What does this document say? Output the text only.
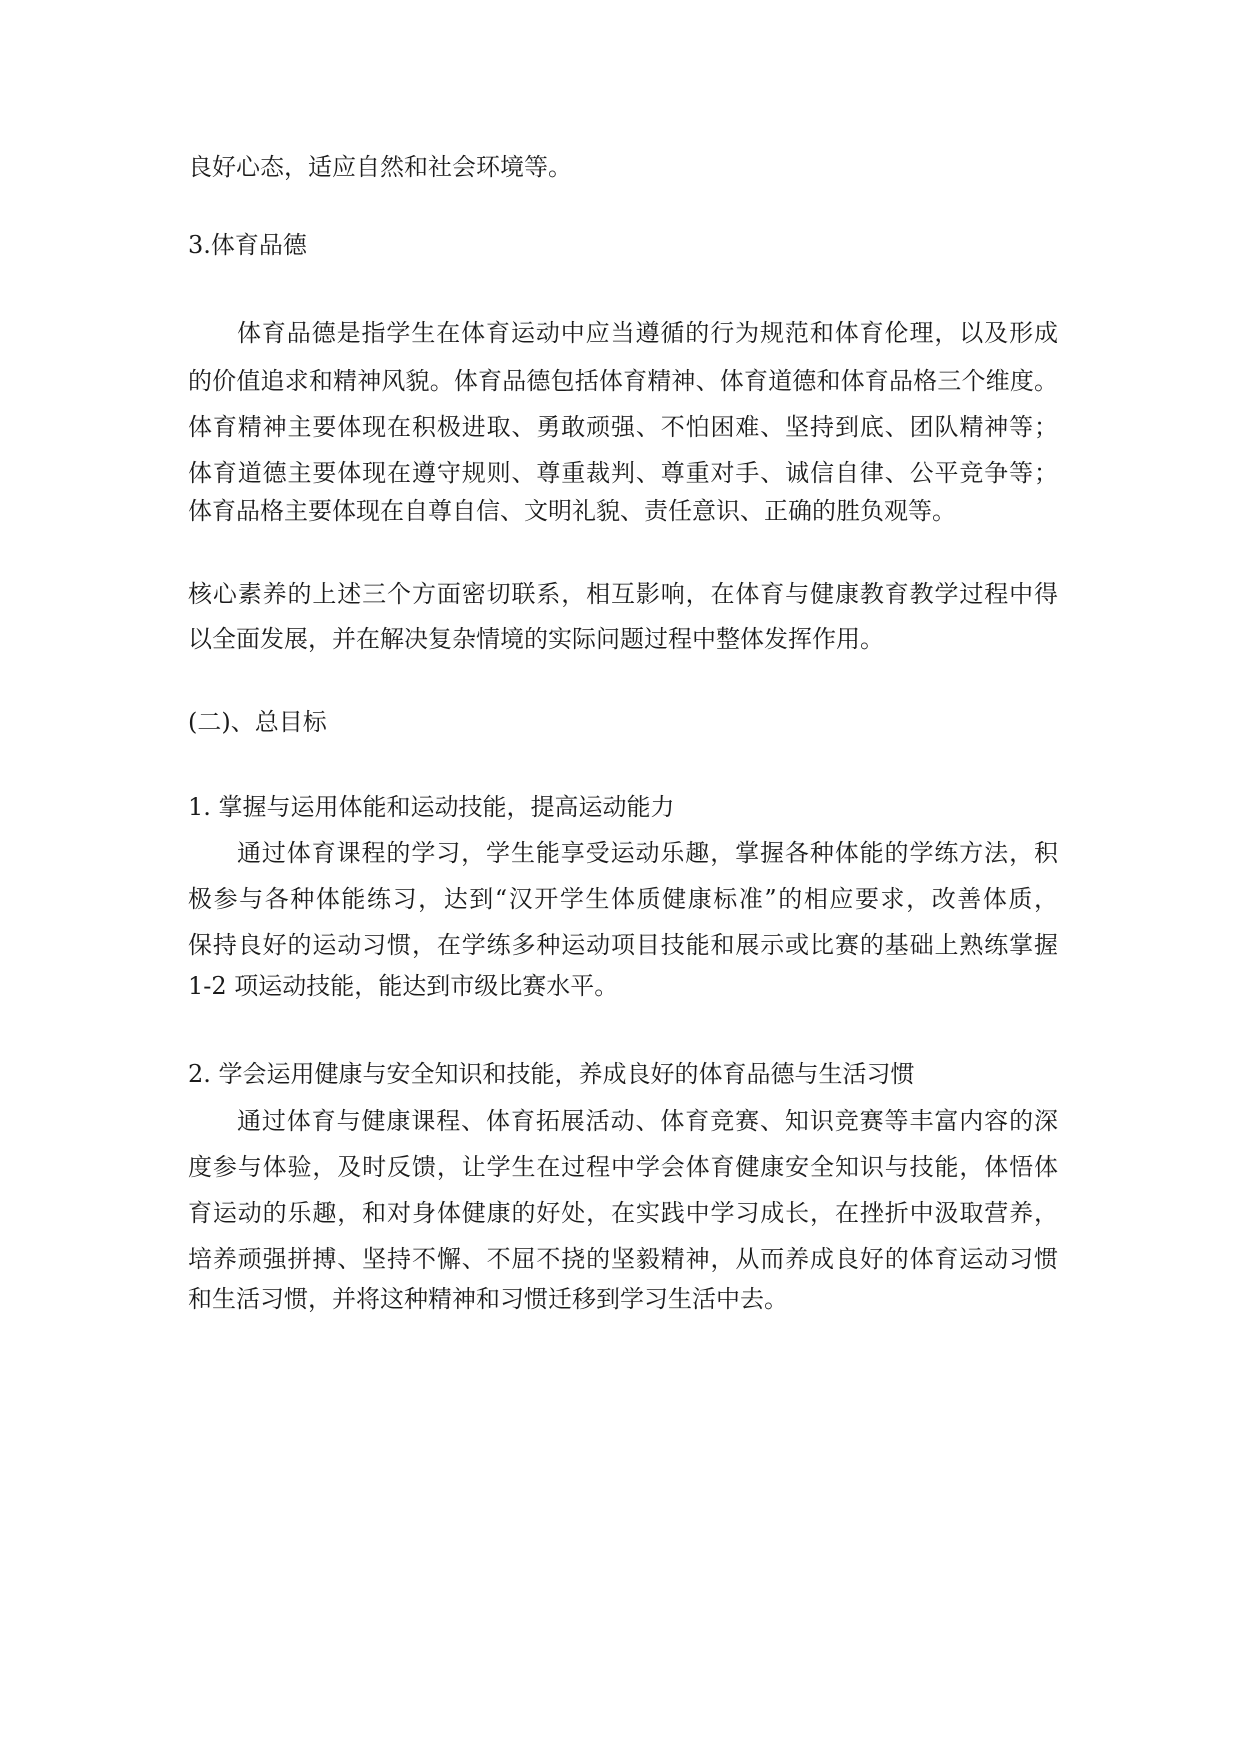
良好心态，适应自然和社会环境等。

3.体育品德

体育品德是指学生在体育运动中应当遵循的行为规范和体育伦理，以及形成

的价值追求和精神风貌。体育品德包括体育精神、体育道德和体育品格三个维度。

体育精神主要体现在积极进取、勇敢顽强、不怕困难、坚持到底、团队精神等；

体育道德主要体现在遵守规则、尊重裁判、尊重对手、诚信自律、公平竞争等；

体育品格主要体现在自尊自信、文明礼貌、责任意识、正确的胜负观等。

核心素养的上述三个方面密切联系，相互影响，在体育与健康教育教学过程中得

以全面发展，并在解决复杂情境的实际问题过程中整体发挥作用。

(二)、总目标

1. 掌握与运用体能和运动技能，提高运动能力

通过体育课程的学习，学生能享受运动乐趣，掌握各种体能的学练方法，积

极参与各种体能练习，达到“汉开学生体质健康标准”的相应要求，改善体质，

保持良好的运动习惯，在学练多种运动项目技能和展示或比赛的基础上熟练掌握

1-2 项运动技能，能达到市级比赛水平。

2. 学会运用健康与安全知识和技能，养成良好的体育品德与生活习惯

通过体育与健康课程、体育拓展活动、体育竞赛、知识竞赛等丰富内容的深

度参与体验，及时反馈，让学生在过程中学会体育健康安全知识与技能，体悟体

育运动的乐趣，和对身体健康的好处，在实践中学习成长，在挫折中汲取营养，

培养顽强拼搏、坚持不懈、不屈不挠的坚毅精神，从而养成良好的体育运动习惯

和生活习惯，并将这种精神和习惯迁移到学习生活中去。
